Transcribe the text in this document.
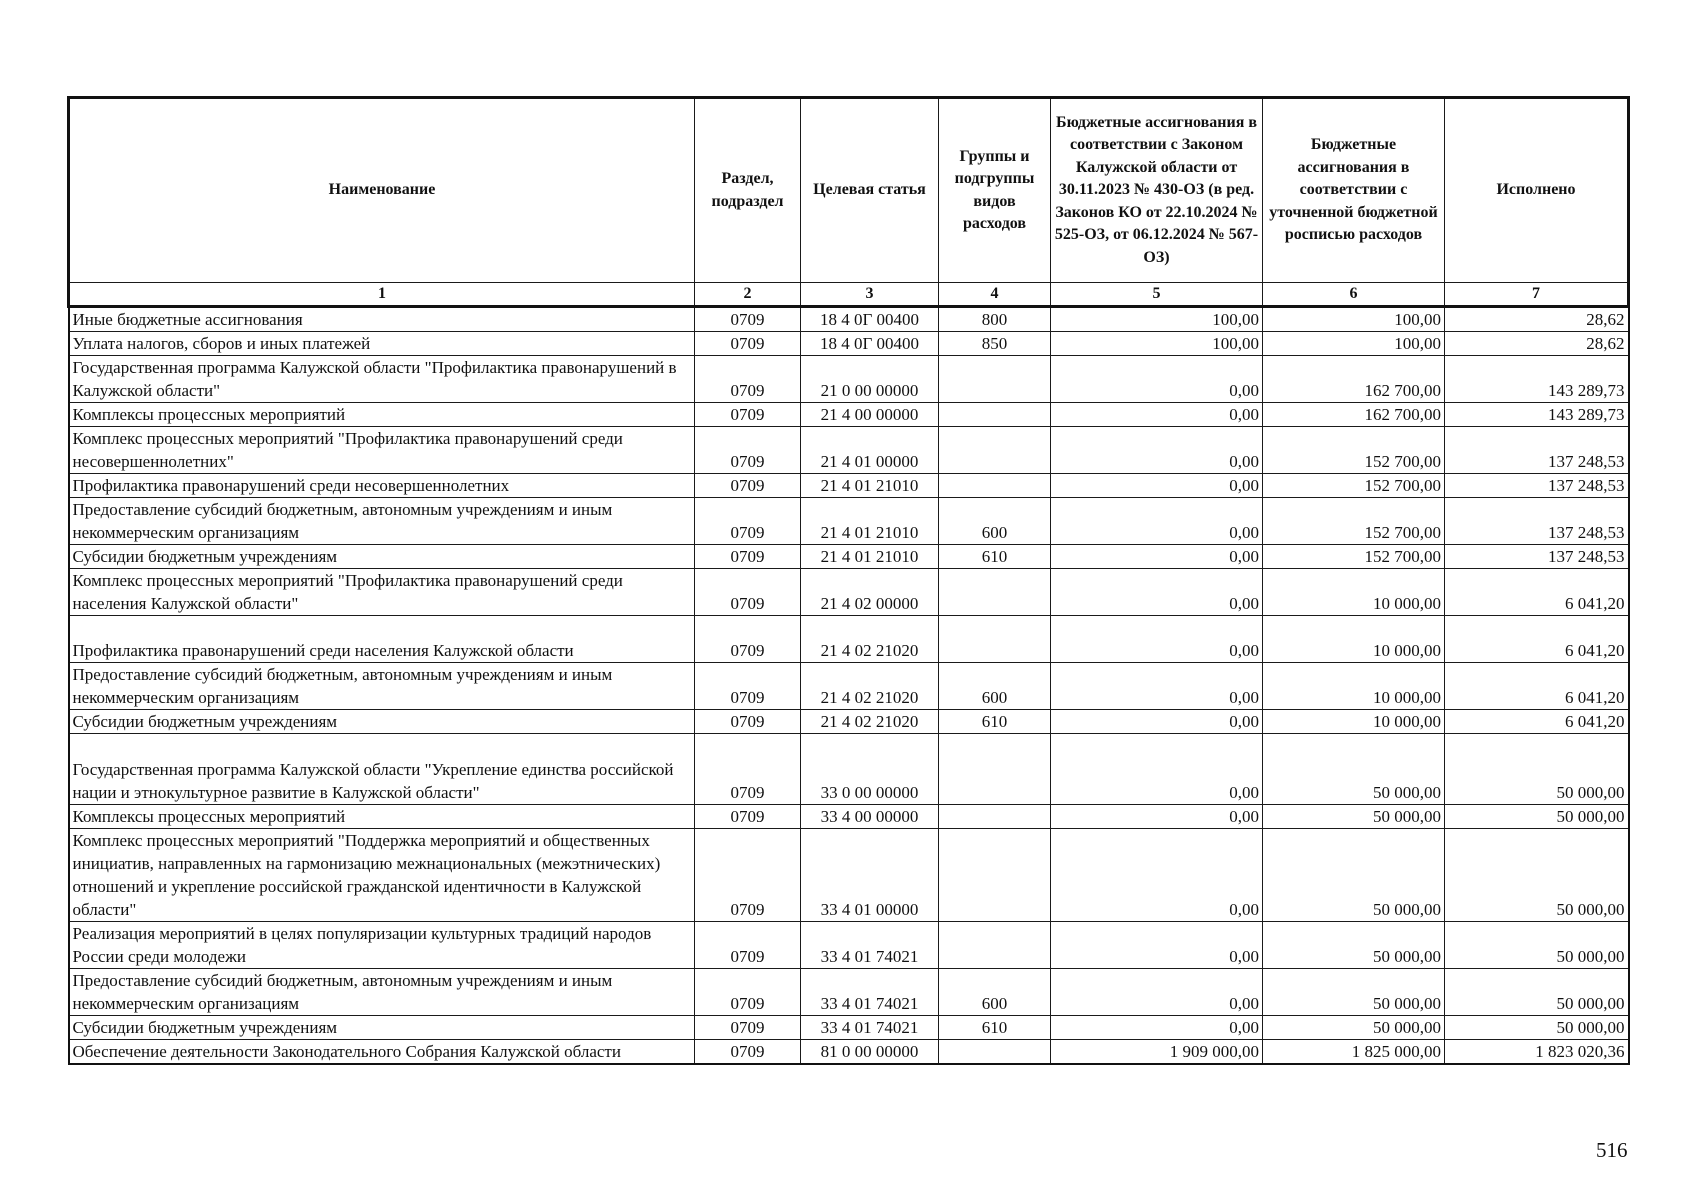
Наименование	Раздел, подраздел	Целевая статья	Группы и подгруппы видов расходов	Бюджетные ассигнования в соответствии с Законом Калужской области от 30.11.2023 № 430-ОЗ (в ред. Законов КО от 22.10.2024 № 525-ОЗ, от 06.12.2024 № 567-ОЗ)	Бюджетные ассигнования в соответствии с уточненной бюджетной росписью расходов	Исполнено
1	2	3	4	5	6	7
Иные бюджетные ассигнования	0709	18 4 0Г 00400	800	100,00	100,00	28,62
Уплата налогов, сборов и иных платежей	0709	18 4 0Г 00400	850	100,00	100,00	28,62
Государственная программа Калужской области "Профилактика правонарушений в Калужской области"	0709	21 0 00 00000		0,00	162 700,00	143 289,73
Комплексы процессных мероприятий	0709	21 4 00 00000		0,00	162 700,00	143 289,73
Комплекс процессных мероприятий "Профилактика правонарушений среди несовершеннолетних"	0709	21 4 01 00000		0,00	152 700,00	137 248,53
Профилактика правонарушений среди несовершеннолетних	0709	21 4 01 21010		0,00	152 700,00	137 248,53
Предоставление субсидий бюджетным, автономным учреждениям и иным некоммерческим организациям	0709	21 4 01 21010	600	0,00	152 700,00	137 248,53
Субсидии бюджетным учреждениям	0709	21 4 01 21010	610	0,00	152 700,00	137 248,53
Комплекс процессных мероприятий "Профилактика правонарушений среди населения Калужской области"	0709	21 4 02 00000		0,00	10 000,00	6 041,20
Профилактика правонарушений среди населения Калужской области	0709	21 4 02 21020		0,00	10 000,00	6 041,20
Предоставление субсидий бюджетным, автономным учреждениям и иным некоммерческим организациям	0709	21 4 02 21020	600	0,00	10 000,00	6 041,20
Субсидии бюджетным учреждениям	0709	21 4 02 21020	610	0,00	10 000,00	6 041,20
Государственная программа Калужской области "Укрепление единства российской нации и этнокультурное развитие в Калужской области"	0709	33 0 00 00000		0,00	50 000,00	50 000,00
Комплексы процессных мероприятий	0709	33 4 00 00000		0,00	50 000,00	50 000,00
Комплекс процессных мероприятий "Поддержка мероприятий и общественных инициатив, направленных на гармонизацию межнациональных (межэтнических) отношений и укрепление российской гражданской идентичности в Калужской области"	0709	33 4 01 00000		0,00	50 000,00	50 000,00
Реализация мероприятий в целях популяризации культурных традиций народов России среди молодежи	0709	33 4 01 74021		0,00	50 000,00	50 000,00
Предоставление субсидий бюджетным, автономным учреждениям и иным некоммерческим организациям	0709	33 4 01 74021	600	0,00	50 000,00	50 000,00
Субсидии бюджетным учреждениям	0709	33 4 01 74021	610	0,00	50 000,00	50 000,00
Обеспечение деятельности Законодательного Собрания Калужской области	0709	81 0 00 00000		1 909 000,00	1 825 000,00	1 823 020,36
516
